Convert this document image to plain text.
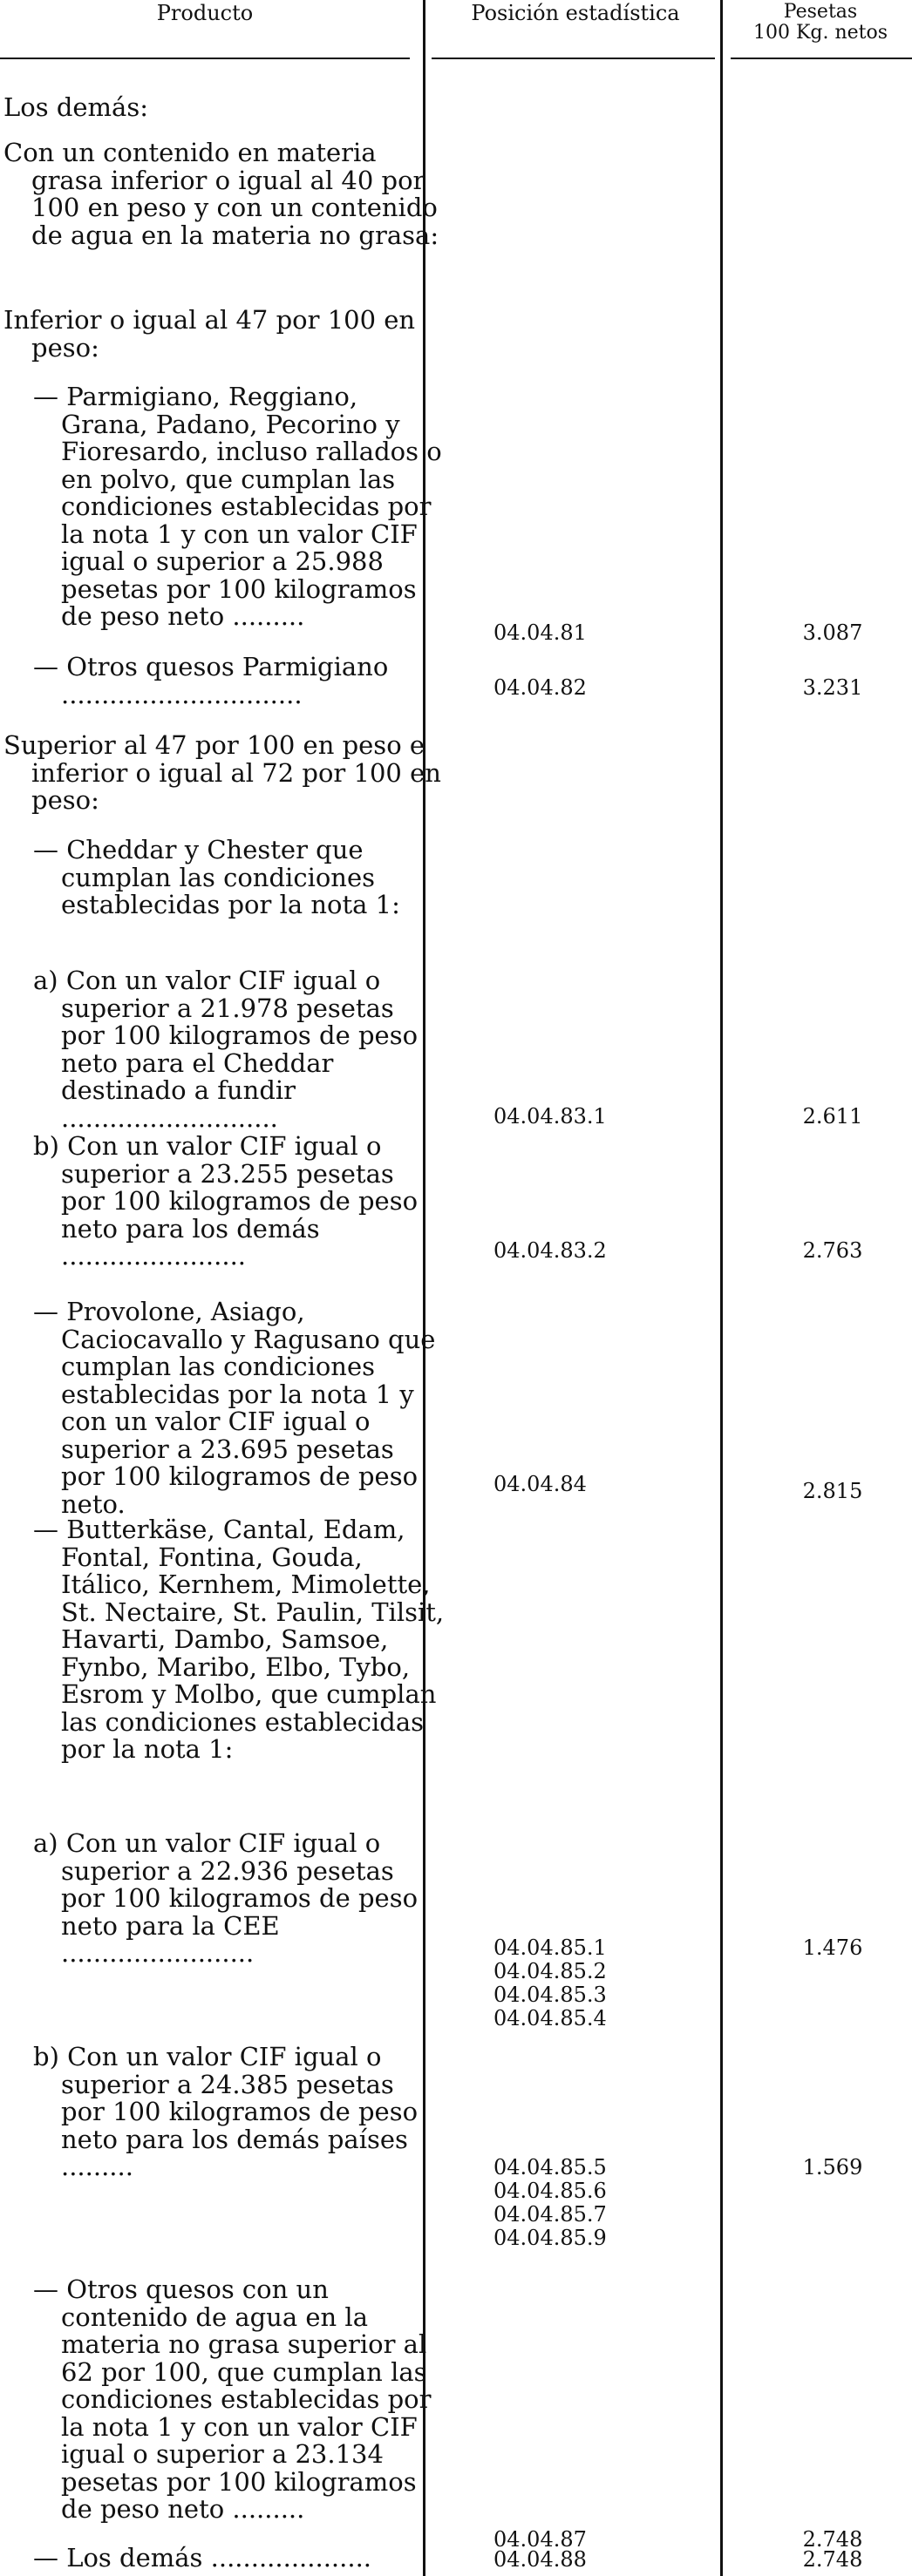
Producto	Posición estadística	Pesetas
100 Kg. netos
Los demás:
Con un contenido en materia grasa inferior o igual al 40 por 100 en peso y con un contenido de agua en la materia no grasa:
Inferior o igual al 47 por 100 en peso:
— Parmigiano, Reggiano, Grana, Padano, Pecorino y Fioresardo, incluso rallados o en polvo, que cumplan las condiciones establecidas por la nota 1 y con un valor CIF igual o superior a 25.988 pesetas por 100 kilogramos de peso neto .........
— Otros quesos Parmigiano ..............................
Superior al 47 por 100 en peso e inferior o igual al 72 por 100 en peso:
— Cheddar y Chester que cumplan las condiciones establecidas por la nota 1:
a) Con un valor CIF igual o superior a 21.978 pesetas por 100 kilogramos de peso neto para el Cheddar destinado a fundir ...........................
b) Con un valor CIF igual o superior a 23.255 pesetas por 100 kilogramos de peso neto para los demás .......................
— Provolone, Asiago, Caciocavallo y Ragusano que cumplan las condiciones establecidas por la nota 1 y con un valor CIF igual o superior a 23.695 pesetas por 100 kilogramos de peso neto.
— Butterkäse, Cantal, Edam, Fontal, Fontina, Gouda, Itálico, Kernhem, Mimolette, St. Nectaire, St. Paulin, Tilsit, Havarti, Dambo, Samsoe, Fynbo, Maribo, Elbo, Tybo, Esrom y Molbo, que cumplan las condiciones establecidas por la nota 1:
a) Con un valor CIF igual o superior a 22.936 pesetas por 100 kilogramos de peso neto para la CEE ........................
b) Con un valor CIF igual o superior a 24.385 pesetas por 100 kilogramos de peso neto para los demás países .........
— Otros quesos con un contenido de agua en la materia no grasa superior al 62 por 100, que cumplan las condiciones establecidas por la nota 1 y con un valor CIF igual o superior a 23.134 pesetas por 100 kilogramos de peso neto .........
— Los demás ....................
04.04.81
04.04.82
04.04.83.1
04.04.83.2
04.04.84
04.04.85.1
04.04.85.2
04.04.85.3
04.04.85.4
04.04.85.5
04.04.85.6
04.04.85.7
04.04.85.9
04.04.87
04.04.88
3.087
3.231
2.611
2.763
2.815
1.476
1.569
2.748
2.748
